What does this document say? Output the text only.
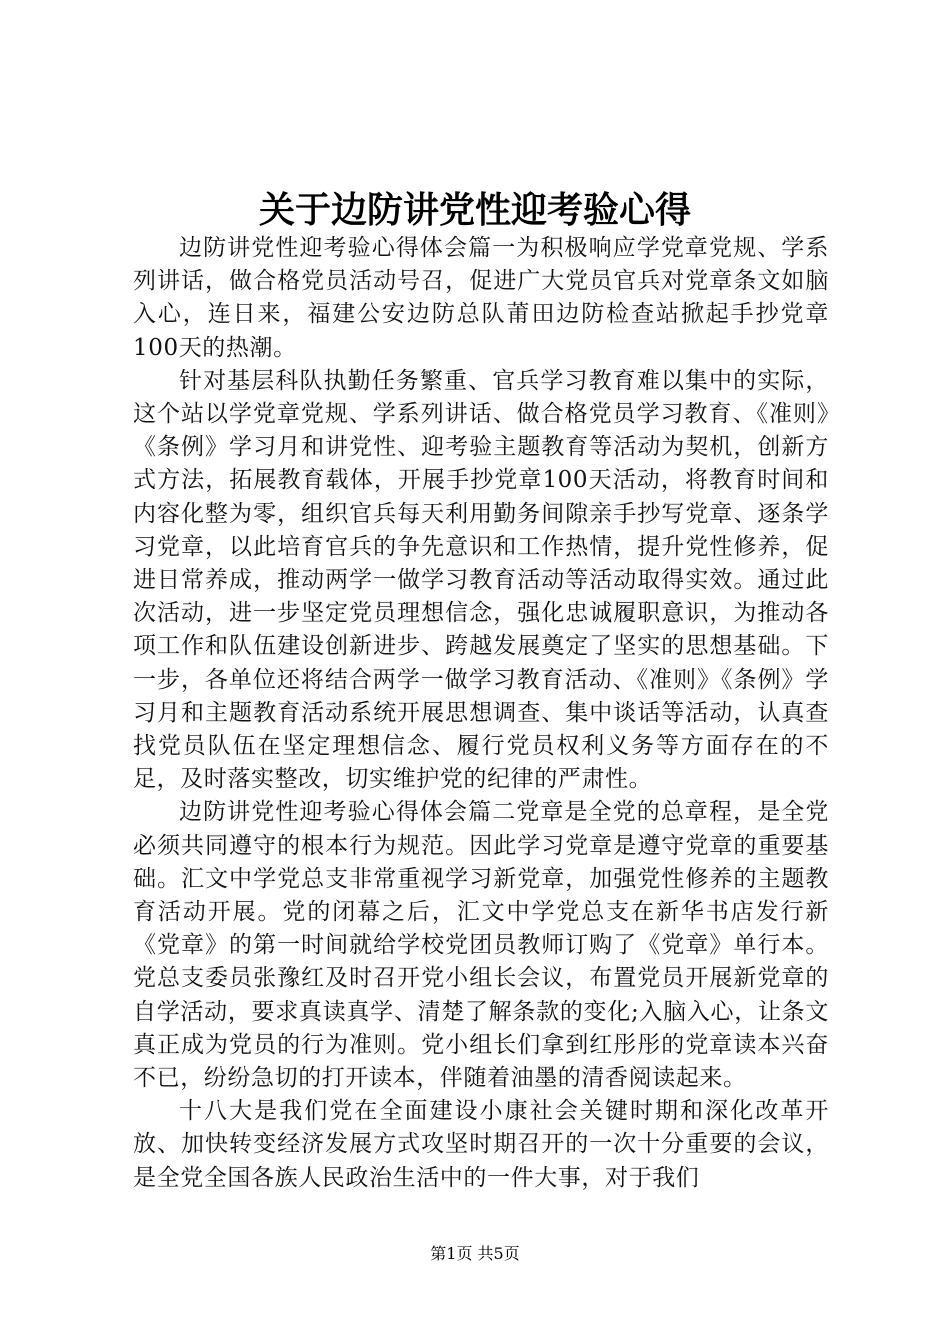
关于边防讲党性迎考验心得

边防讲党性迎考验心得体会篇一为积极响应学党章党规、学系列讲话，做合格党员活动号召，促进广大党员官兵对党章条文如脑入心，连日来，福建公安边防总队莆田边防检查站掀起手抄党章100天的热潮。

针对基层科队执勤任务繁重、官兵学习教育难以集中的实际，这个站以学党章党规、学系列讲话、做合格党员学习教育、《准则》《条例》学习月和讲党性、迎考验主题教育等活动为契机，创新方式方法，拓展教育载体，开展手抄党章100天活动，将教育时间和内容化整为零，组织官兵每天利用勤务间隙亲手抄写党章、逐条学习党章，以此培育官兵的争先意识和工作热情，提升党性修养，促进日常养成，推动两学一做学习教育活动等活动取得实效。通过此次活动，进一步坚定党员理想信念，强化忠诚履职意识，为推动各项工作和队伍建设创新进步、跨越发展奠定了坚实的思想基础。下一步，各单位还将结合两学一做学习教育活动、《准则》《条例》学习月和主题教育活动系统开展思想调查、集中谈话等活动，认真查找党员队伍在坚定理想信念、履行党员权利义务等方面存在的不足，及时落实整改，切实维护党的纪律的严肃性。

边防讲党性迎考验心得体会篇二党章是全党的总章程，是全党必须共同遵守的根本行为规范。因此学习党章是遵守党章的重要基础。汇文中学党总支非常重视学习新党章，加强党性修养的主题教育活动开展。党的闭幕之后，汇文中学党总支在新华书店发行新《党章》的第一时间就给学校党团员教师订购了《党章》单行本。党总支委员张豫红及时召开党小组长会议，布置党员开展新党章的自学活动，要求真读真学、清楚了解条款的变化;入脑入心，让条文真正成为党员的行为准则。党小组长们拿到红彤彤的党章读本兴奋不已，纷纷急切的打开读本，伴随着油墨的清香阅读起来。

十八大是我们党在全面建设小康社会关键时期和深化改革开放、加快转变经济发展方式攻坚时期召开的一次十分重要的会议，是全党全国各族人民政治生活中的一件大事，对于我们

第1页 共5页
